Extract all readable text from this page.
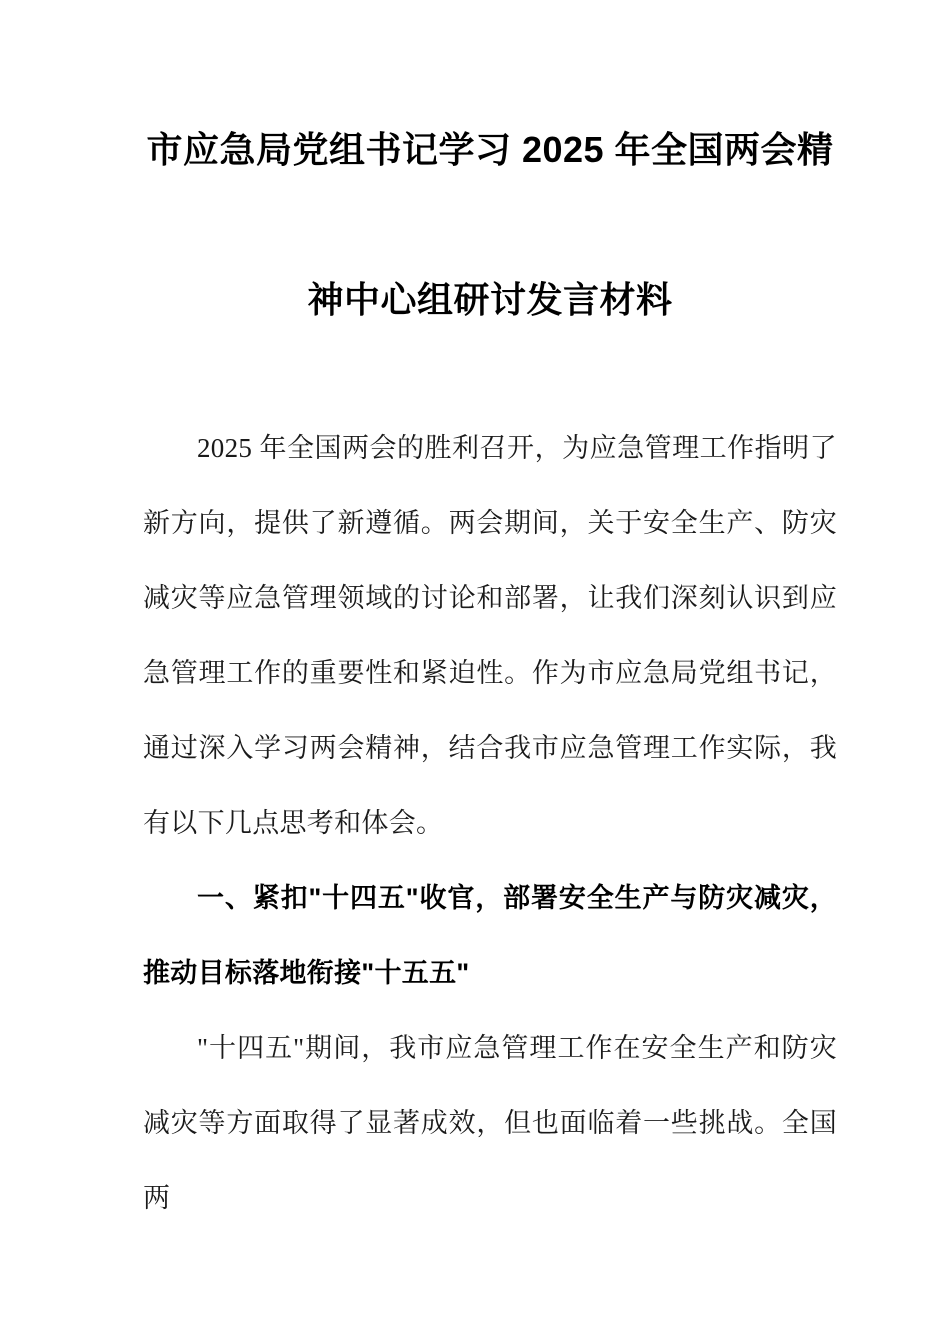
市应急局党组书记学习 2025 年全国两会精神中心组研讨发言材料

2025 年全国两会的胜利召开，为应急管理工作指明了新方向，提供了新遵循。两会期间，关于安全生产、防灾减灾等应急管理领域的讨论和部署，让我们深刻认识到应急管理工作的重要性和紧迫性。作为市应急局党组书记，通过深入学习两会精神，结合我市应急管理工作实际，我有以下几点思考和体会。

一、紧扣"十四五"收官，部署安全生产与防灾减灾，推动目标落地衔接"十五五"

"十四五"期间，我市应急管理工作在安全生产和防灾减灾等方面取得了显著成效，但也面临着一些挑战。全国两
